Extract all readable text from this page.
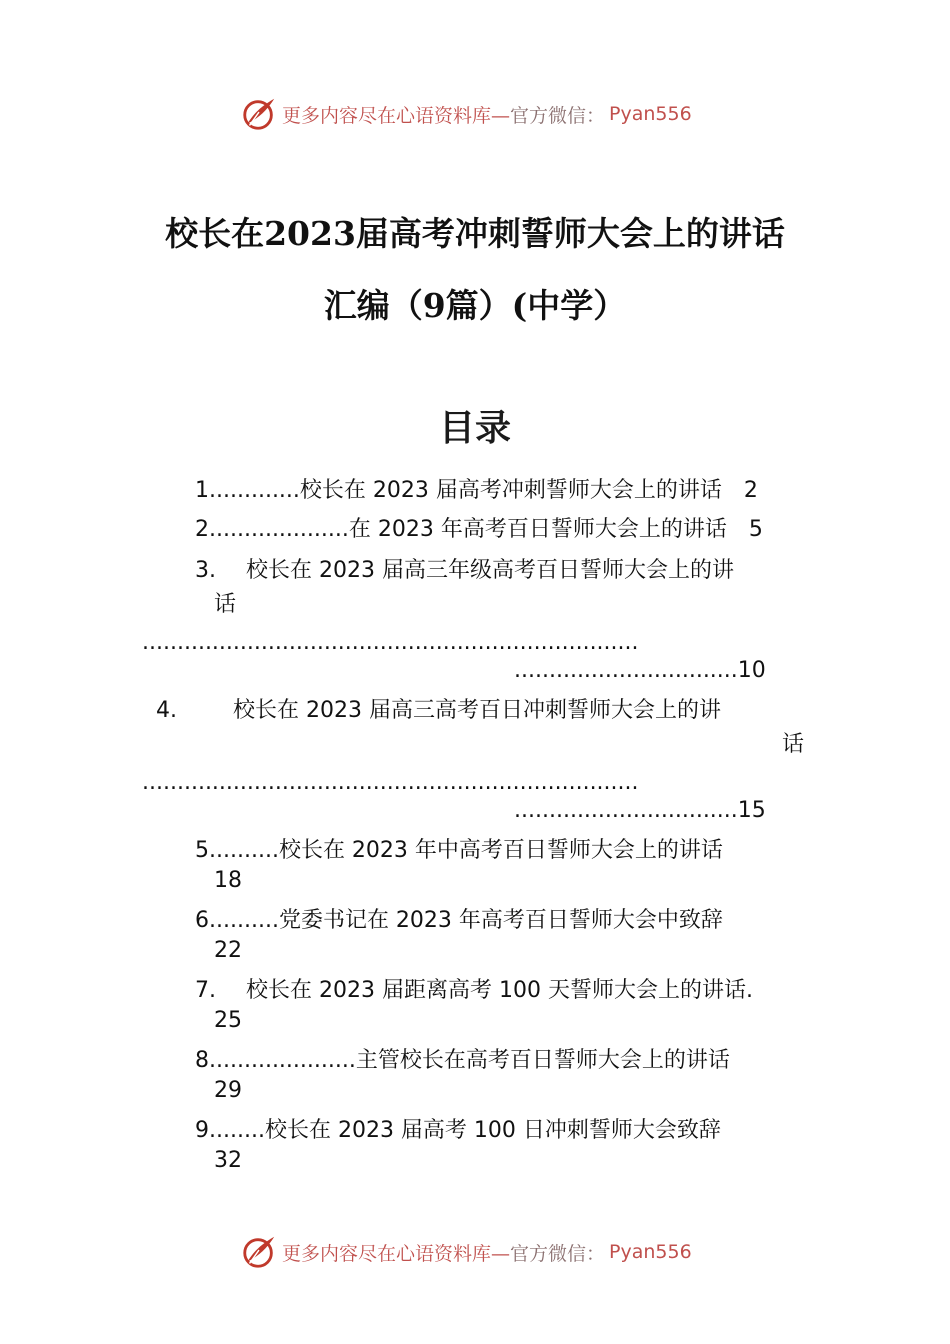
更多内容尽在心语资料库— 官方微信： Pyan556
校长在2023届高考冲刺誓师大会上的讲话
汇编（9篇）(中学）
目录
1.............校长在 2023 届高考冲刺誓师大会上的讲话 2
2....................在 2023 年高考百日誓师大会上的讲话 5
3. 校长在 2023 届高三年级高考百日誓师大会上的讲
话
.......................................................................
................................10
4.	校长在 2023 届高三高考百日冲刺誓师大会上的讲
话
.......................................................................
................................15
5..........校长在 2023 年中高考百日誓师大会上的讲话
18
6..........党委书记在 2023 年高考百日誓师大会中致辞
22
7. 校长在 2023 届距离高考 100 天誓师大会上的讲话.
25
8.....................主管校长在高考百日誓师大会上的讲话
29
9........校长在 2023 届高考 100 日冲刺誓师大会致辞
32
更多内容尽在心语资料库— 官方微信： Pyan556
